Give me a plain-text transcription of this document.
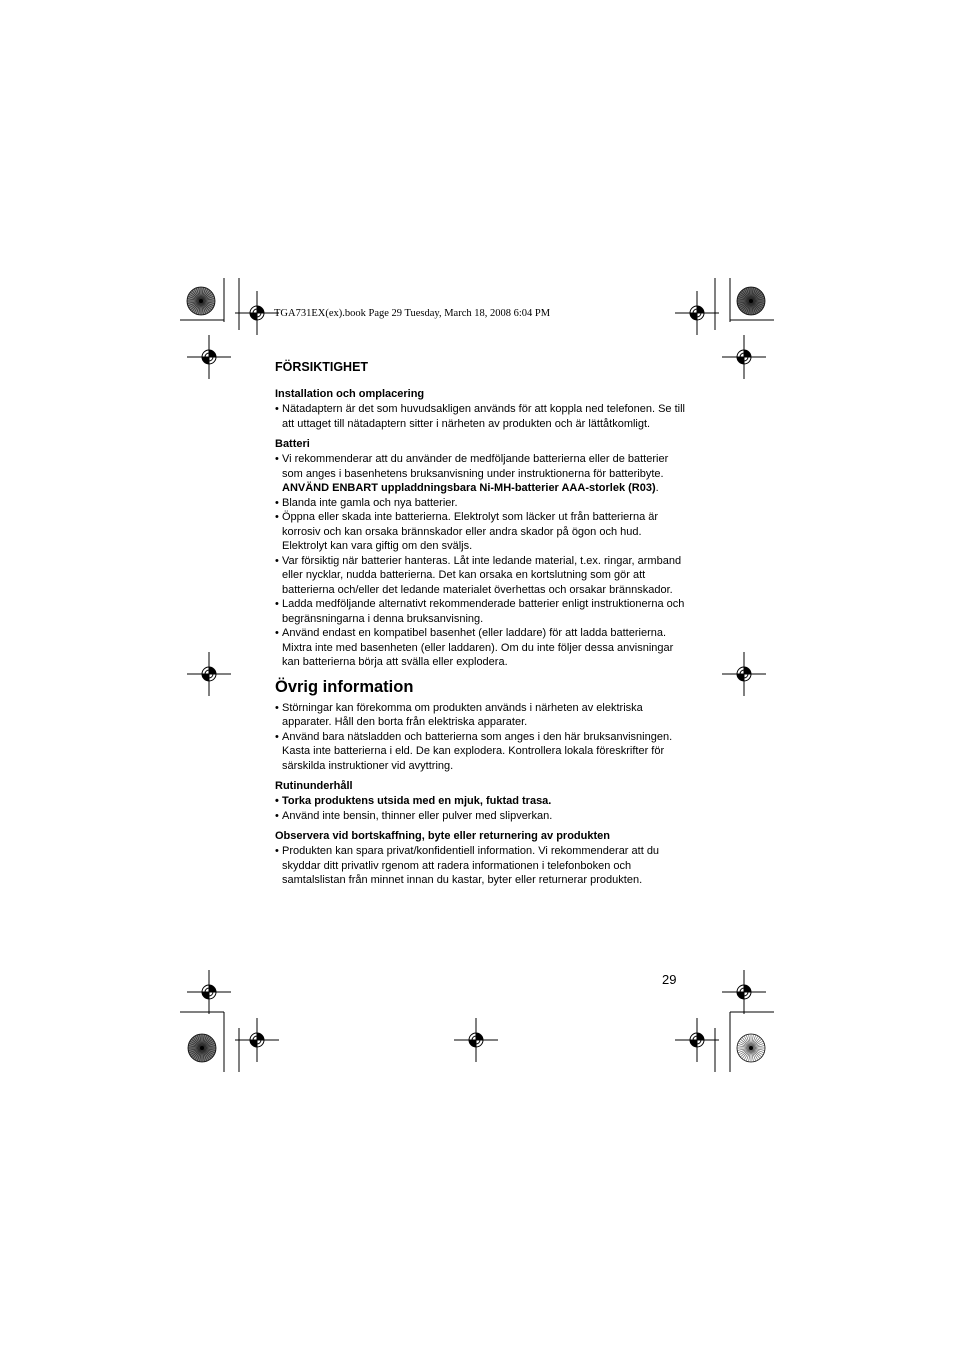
TGA731EX(ex).book Page 29 Tuesday, March 18, 2008 6:04 PM
FÖRSIKTIGHET
Installation och omplacering
• Nätadaptern är det som huvudsakligen används för att koppla ned telefonen. Se till att uttaget till nätadaptern sitter i närheten av produkten och är lättåtkomligt.
Batteri
• Vi rekommenderar att du använder de medföljande batterierna eller de batterier som anges i basenhetens bruksanvisning under instruktionerna för batteribyte. ANVÄND ENBART uppladdningsbara Ni-MH-batterier AAA-storlek (R03).
• Blanda inte gamla och nya batterier.
• Öppna eller skada inte batterierna. Elektrolyt som läcker ut från batterierna är korrosiv och kan orsaka brännskador eller andra skador på ögon och hud. Elektrolyt kan vara giftig om den sväljs.
• Var försiktig när batterier hanteras. Låt inte ledande material, t.ex. ringar, armband eller nycklar, nudda batterierna. Det kan orsaka en kortslutning som gör att batterierna och/eller det ledande materialet överhettas och orsakar brännskador.
• Ladda medföljande alternativt rekommenderade batterier enligt instruktionerna och begränsningarna i denna bruksanvisning.
• Använd endast en kompatibel basenhet (eller laddare) för att ladda batterierna. Mixtra inte med basenheten (eller laddaren). Om du inte följer dessa anvisningar kan batterierna börja att svälla eller explodera.
Övrig information
• Störningar kan förekomma om produkten används i närheten av elektriska apparater. Håll den borta från elektriska apparater.
• Använd bara nätsladden och batterierna som anges i den här bruksanvisningen. Kasta inte batterierna i eld. De kan explodera. Kontrollera lokala föreskrifter för särskilda instruktioner vid avyttring.
Rutinunderhåll
• Torka produktens utsida med en mjuk, fuktad trasa.
• Använd inte bensin, thinner eller pulver med slipverkan.
Observera vid bortskaffning, byte eller returnering av produkten
• Produkten kan spara privat/konfidentiell information. Vi rekommenderar att du skyddar ditt privatliv rgenom att radera informationen i telefonboken och samtalslistan från minnet innan du kastar, byter eller returnerar produkten.
29
